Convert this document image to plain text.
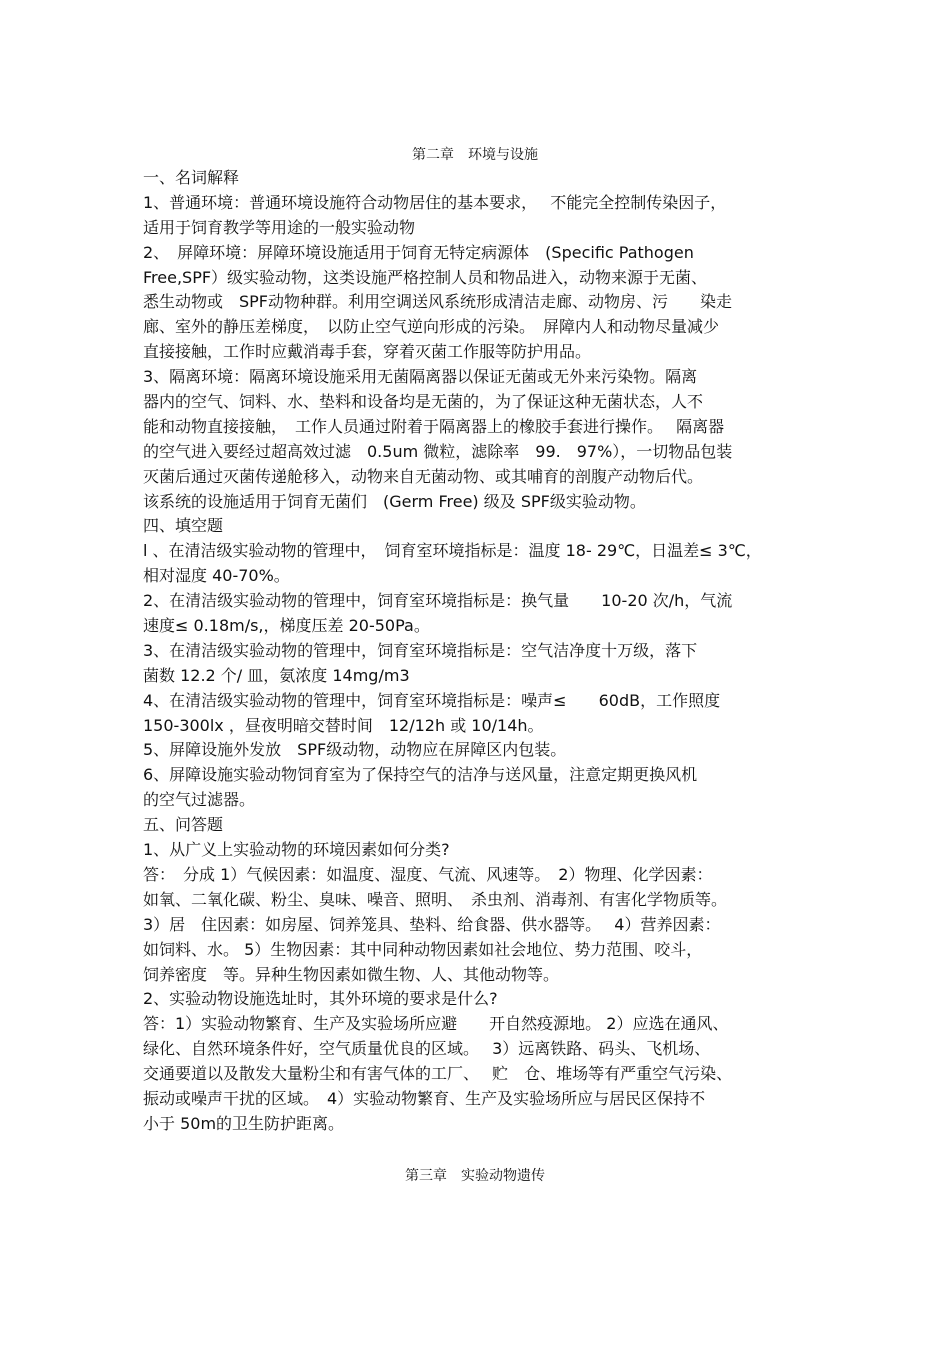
第二章　环境与设施
一、名词解释
1、普通环境：普通环境设施符合动物居住的基本要求，　 不能完全控制传染因子，
适用于饲育教学等用途的一般实验动物
2、　屏障环境：屏障环境设施适用于饲育无特定病源体　(Specific Pathogen
Free,SPF）级实验动物，这类设施严格控制人员和物品进入，动物来源于无菌、
悉生动物或　SPF动物种群。利用空调送风系统形成清洁走廊、动物房、污　　染走
廊、室外的静压差梯度，　以防止空气逆向形成的污染。　屏障内人和动物尽量减少
直接接触，工作时应戴消毒手套，穿着灭菌工作服等防护用品。
3、隔离环境：隔离环境设施采用无菌隔离器以保证无菌或无外来污染物。隔离
器内的空气、饲料、水、垫料和设备均是无菌的，为了保证这种无菌状态，人不
能和动物直接接触，　工作人员通过附着于隔离器上的橡胶手套进行操作。　 隔离器
的空气进入要经过超高效过滤　0.5um 微粒，滤除率　99.　97%），一切物品包装
灭菌后通过灭菌传递舱移入，动物来自无菌动物、或其哺育的剖腹产动物后代。
该系统的设施适用于饲育无菌们　(Germ Free) 级及 SPF级实验动物。
四、填空题
l 、在清洁级实验动物的管理中，　饲育室环境指标是：温度 18- 29℃，日温差≤ 3℃，
相对湿度 40-70%。
2、在清洁级实验动物的管理中，饲育室环境指标是：换气量　　10-20 次/h，气流
速度≤ 0.18m/s,，梯度压差 20-50Pa。
3、在清洁级实验动物的管理中，饲育室环境指标是：空气洁净度十万级，落下
菌数 12.2 个/ 皿，氨浓度 14mg/m3
4、在清洁级实验动物的管理中，饲育室环境指标是：噪声≤　　60dB，工作照度
150-300lx ，昼夜明暗交替时间　12/12h 或 10/14h。
5、屏障设施外发放　SPF级动物，动物应在屏障区内包装。
6、屏障设施实验动物饲育室为了保持空气的洁净与送风量，注意定期更换风机
的空气过滤器。
五、问答题
1、从广义上实验动物的环境因素如何分类?
答：　分成 1）气候因素：如温度、湿度、气流、风速等。　2）物理、化学因素：
如氧、二氧化碳、粉尘、臭味、噪音、照明、　杀虫剂、消毒剂、有害化学物质等。
3）居　住因素：如房屋、饲养笼具、垫料、给食器、供水器等。　 4）营养因素：
如饲料、水。 5）生物因素：其中同种动物因素如社会地位、势力范围、咬斗，
饲养密度　等。异种生物因素如微生物、人、其他动物等。
2、实验动物设施选址时，其外环境的要求是什么?
答：1）实验动物繁育、生产及实验场所应避　　开自然疫源地。 2）应选在通风、
绿化、自然环境条件好，空气质量优良的区域。　 3）远离铁路、码头、飞机场、
交通要道以及散发大量粉尘和有害气体的工厂、　 贮　仓、堆场等有严重空气污染、
振动或噪声干扰的区域。　4）实验动物繁育、生产及实验场所应与居民区保持不
小于 50m的卫生防护距离。
第三章　实验动物遗传
